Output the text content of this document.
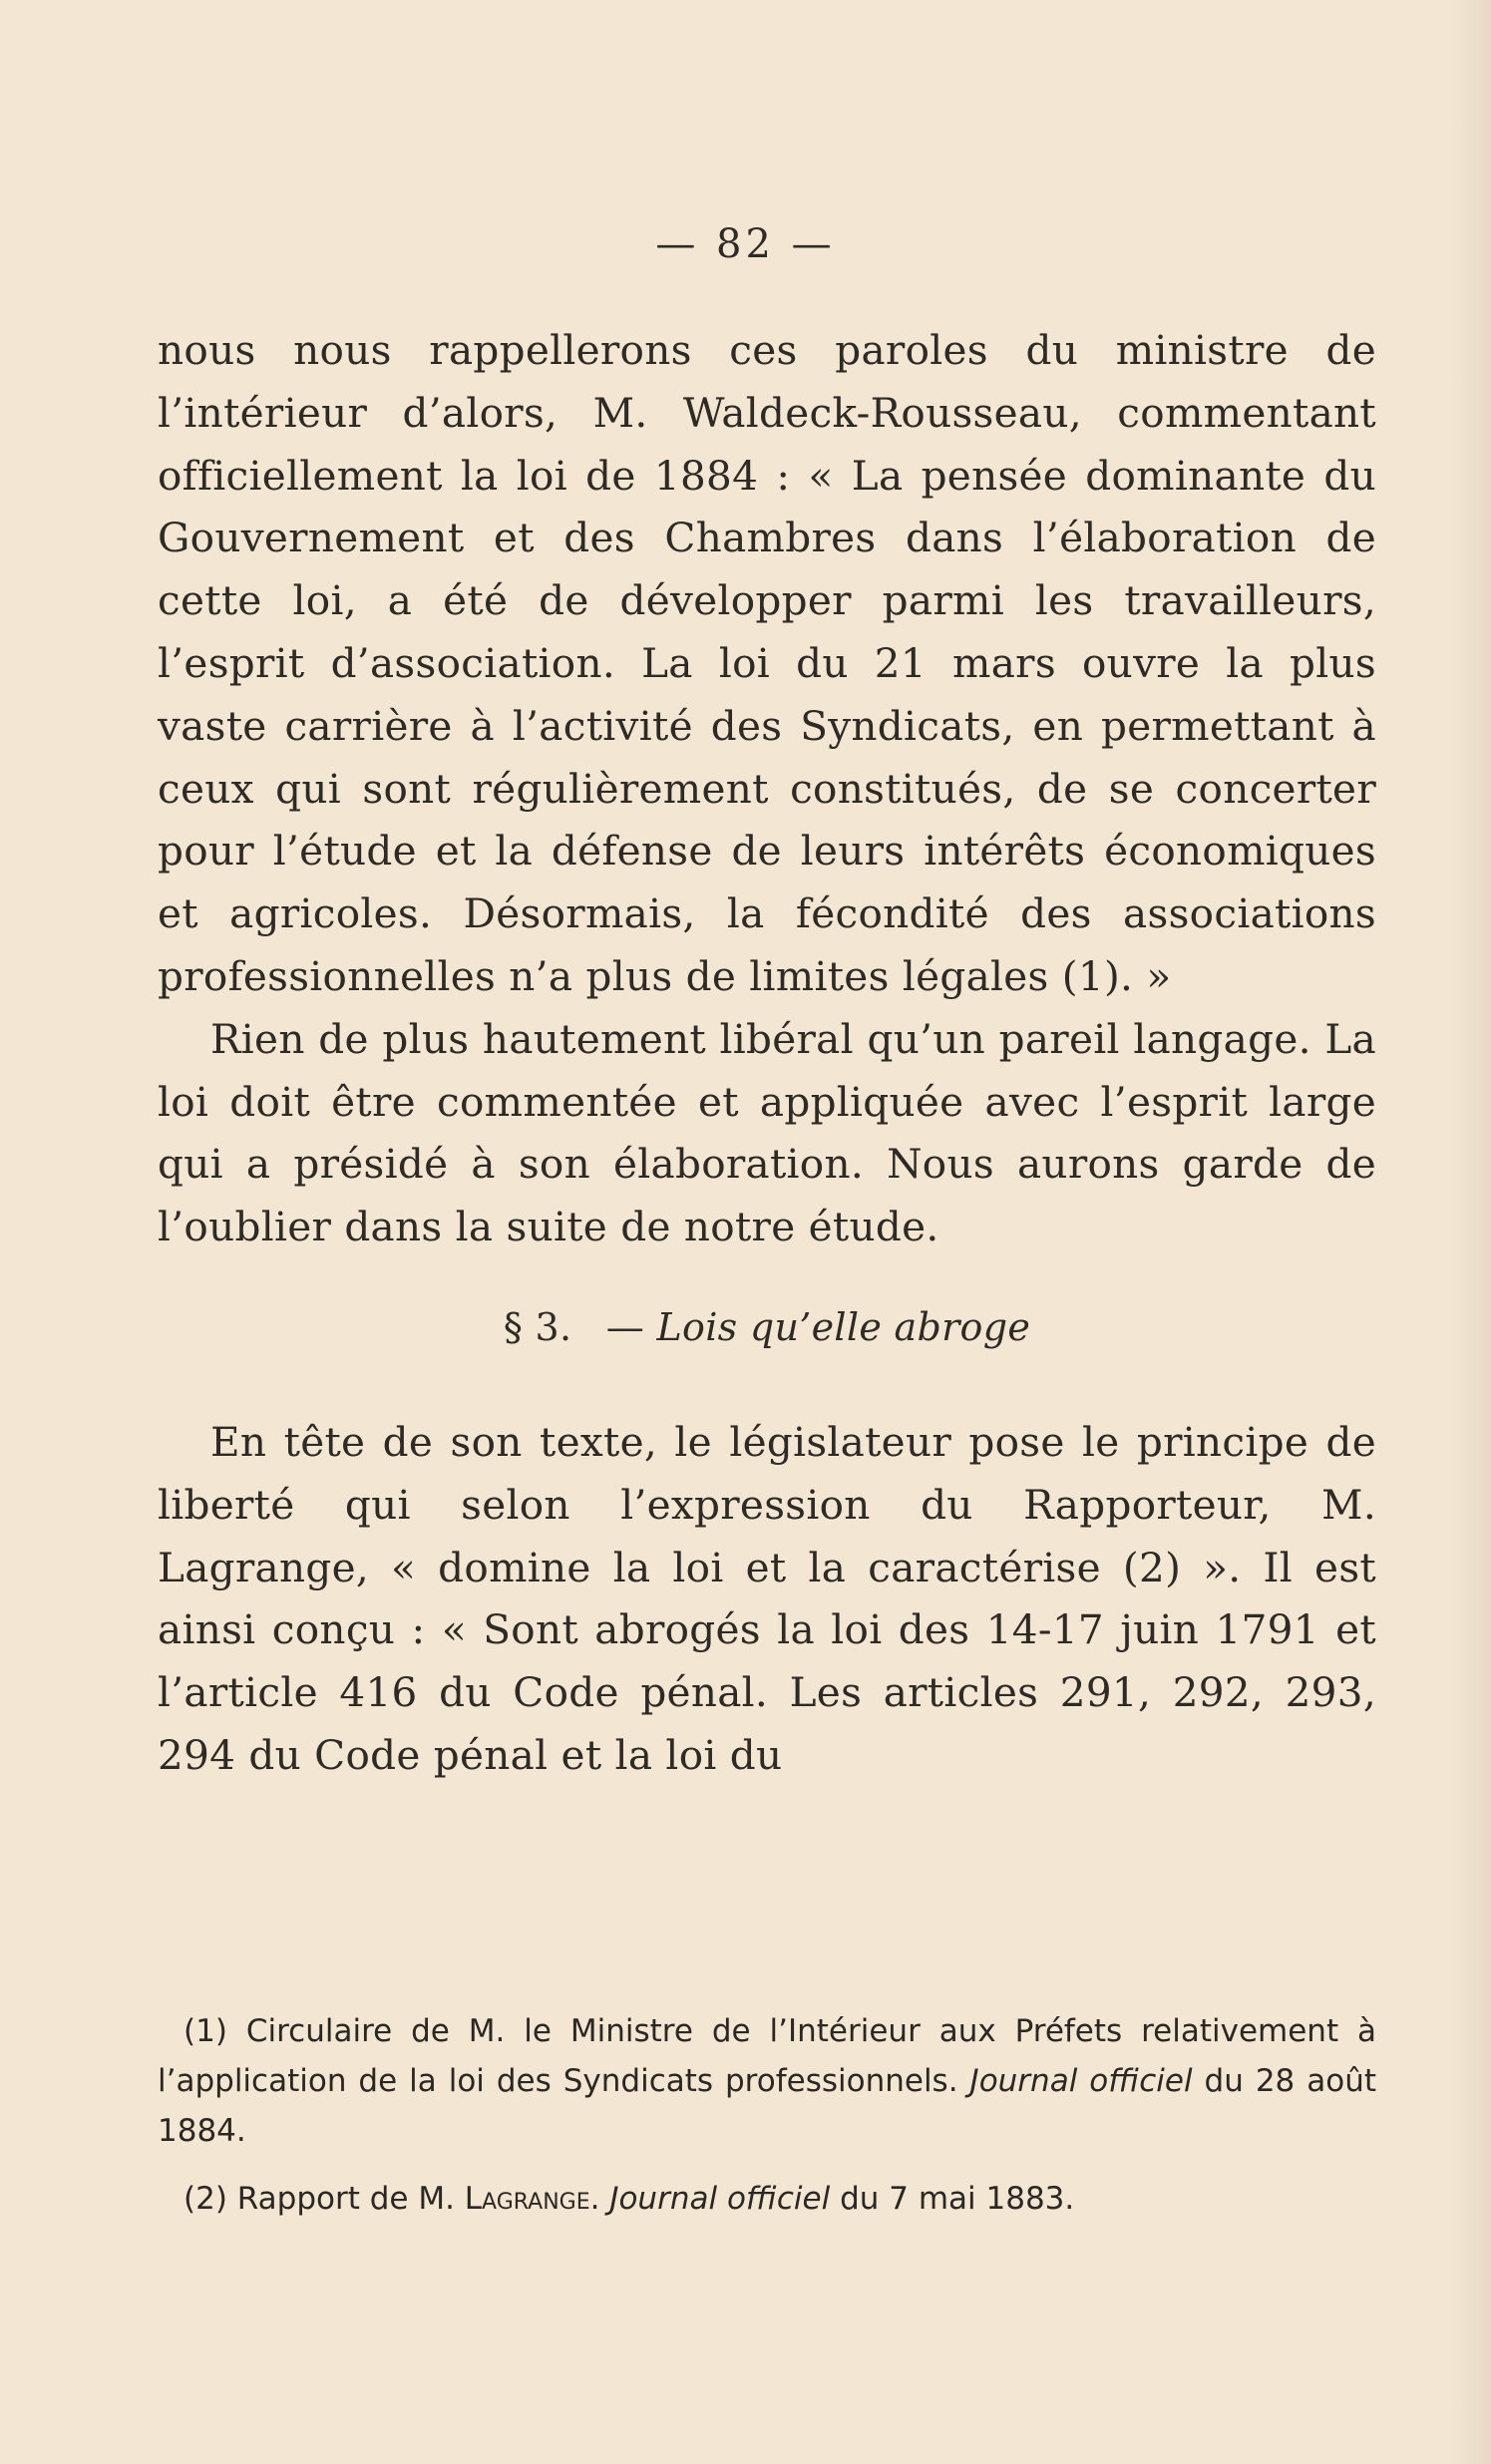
— 82 —

nous nous rappellerons ces paroles du ministre de l’intérieur d’alors, M. Waldeck-Rousseau, commentant officiellement la loi de 1884 : « La pensée dominante du Gouvernement et des Chambres dans l’élaboration de cette loi, a été de développer parmi les travailleurs, l’esprit d’association. La loi du 21 mars ouvre la plus vaste carrière à l’activité des Syndicats, en permettant à ceux qui sont régulièrement constitués, de se concerter pour l’étude et la défense de leurs intérêts économiques et agricoles. Désormais, la fécondité des associations professionnelles n’a plus de limites légales (1). »

Rien de plus hautement libéral qu’un pareil langage. La loi doit être commentée et appliquée avec l’esprit large qui a présidé à son élaboration. Nous aurons garde de l’oublier dans la suite de notre étude.

§ 3. — Lois qu’elle abroge

En tête de son texte, le législateur pose le principe de liberté qui selon l’expression du Rapporteur, M. Lagrange, « domine la loi et la caractérise (2) ». Il est ainsi conçu : « Sont abrogés la loi des 14-17 juin 1791 et l’article 416 du Code pénal. Les articles 291, 292, 293, 294 du Code pénal et la loi du

(1) Circulaire de M. le Ministre de l’Intérieur aux Préfets relativement à l’application de la loi des Syndicats professionnels. Journal officiel du 28 août 1884.

(2) Rapport de M. Lagrange. Journal officiel du 7 mai 1883.
